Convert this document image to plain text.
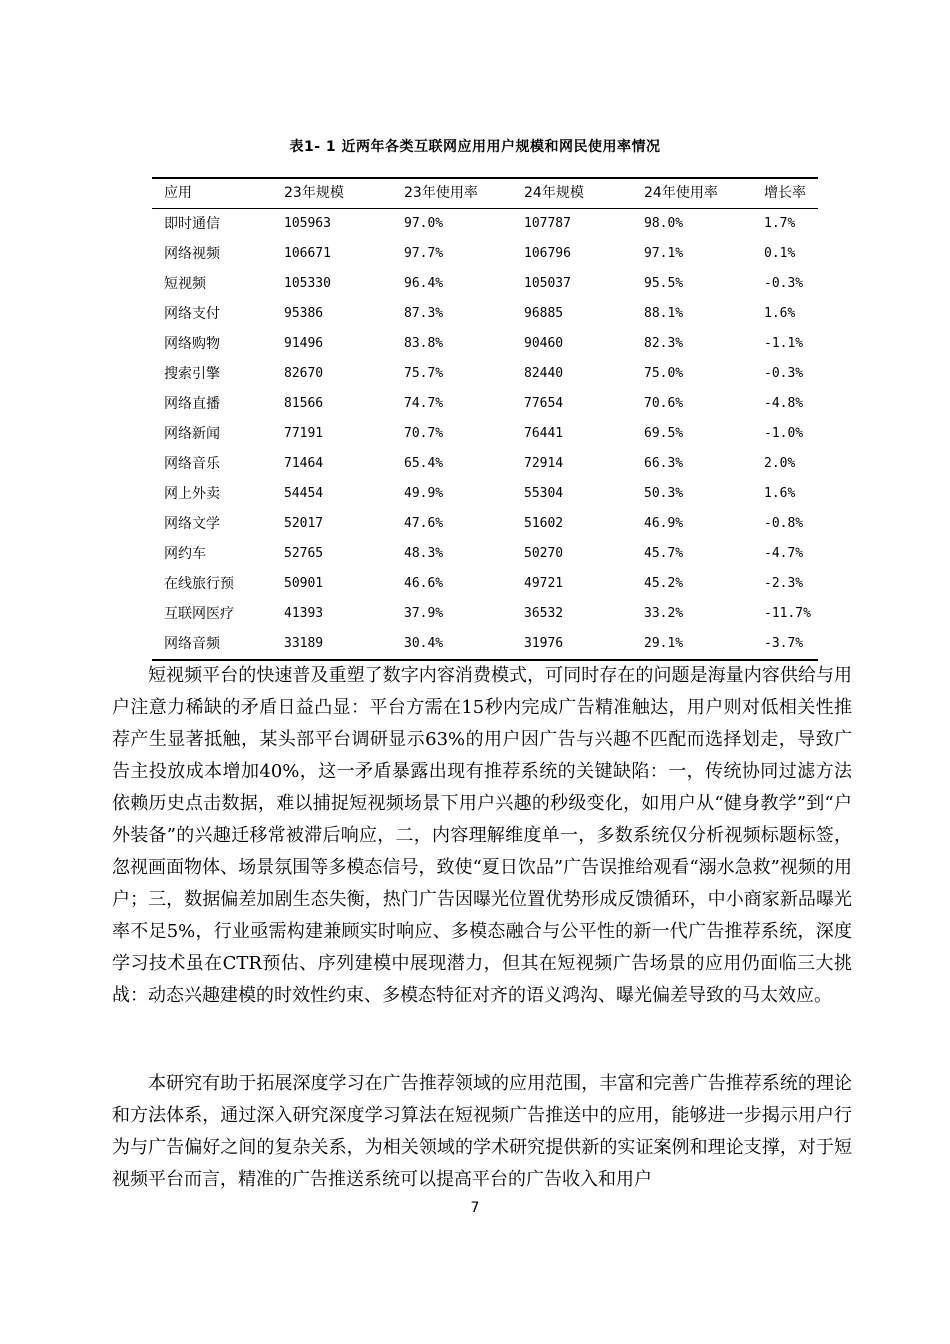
表1- 1 近两年各类互联网应用用户规模和网民使用率情况
应用	23年规模	23年使用率	24年规模	24年使用率	增长率
即时通信	105963	97.0%	107787	98.0%	1.7%
网络视频	106671	97.7%	106796	97.1%	0.1%
短视频	105330	96.4%	105037	95.5%	-0.3%
网络支付	95386	87.3%	96885	88.1%	1.6%
网络购物	91496	83.8%	90460	82.3%	-1.1%
搜索引擎	82670	75.7%	82440	75.0%	-0.3%
网络直播	81566	74.7%	77654	70.6%	-4.8%
网络新闻	77191	70.7%	76441	69.5%	-1.0%
网络音乐	71464	65.4%	72914	66.3%	2.0%
网上外卖	54454	49.9%	55304	50.3%	1.6%
网络文学	52017	47.6%	51602	46.9%	-0.8%
网约车	52765	48.3%	50270	45.7%	-4.7%
在线旅行预	50901	46.6%	49721	45.2%	-2.3%
互联网医疗	41393	37.9%	36532	33.2%	-11.7%
网络音频	33189	30.4%	31976	29.1%	-3.7%

短视频平台的快速普及重塑了数字内容消费模式，可同时存在的问题是海量内容供给与用户注意力稀缺的矛盾日益凸显：平台方需在15秒内完成广告精准触达，用户则对低相关性推荐产生显著抵触，某头部平台调研显示63%的用户因广告与兴趣不匹配而选择划走，导致广告主投放成本增加40%，这一矛盾暴露出现有推荐系统的关键缺陷：一，传统协同过滤方法依赖历史点击数据，难以捕捉短视频场景下用户兴趣的秒级变化，如用户从“健身教学”到“户外装备”的兴趣迁移常被滞后响应，二，内容理解维度单一，多数系统仅分析视频标题标签，忽视画面物体、场景氛围等多模态信号，致使“夏日饮品”广告误推给观看“溺水急救”视频的用户；三，数据偏差加剧生态失衡，热门广告因曝光位置优势形成反馈循环，中小商家新品曝光率不足5%，行业亟需构建兼顾实时响应、多模态融合与公平性的新一代广告推荐系统，深度学习技术虽在CTR预估、序列建模中展现潜力，但其在短视频广告场景的应用仍面临三大挑战：动态兴趣建模的时效性约束、多模态特征对齐的语义鸿沟、曝光偏差导致的马太效应。

本研究有助于拓展深度学习在广告推荐领域的应用范围，丰富和完善广告推荐系统的理论和方法体系，通过深入研究深度学习算法在短视频广告推送中的应用，能够进一步揭示用户行为与广告偏好之间的复杂关系，为相关领域的学术研究提供新的实证案例和理论支撑，对于短视频平台而言，精准的广告推送系统可以提高平台的广告收入和用户

7
